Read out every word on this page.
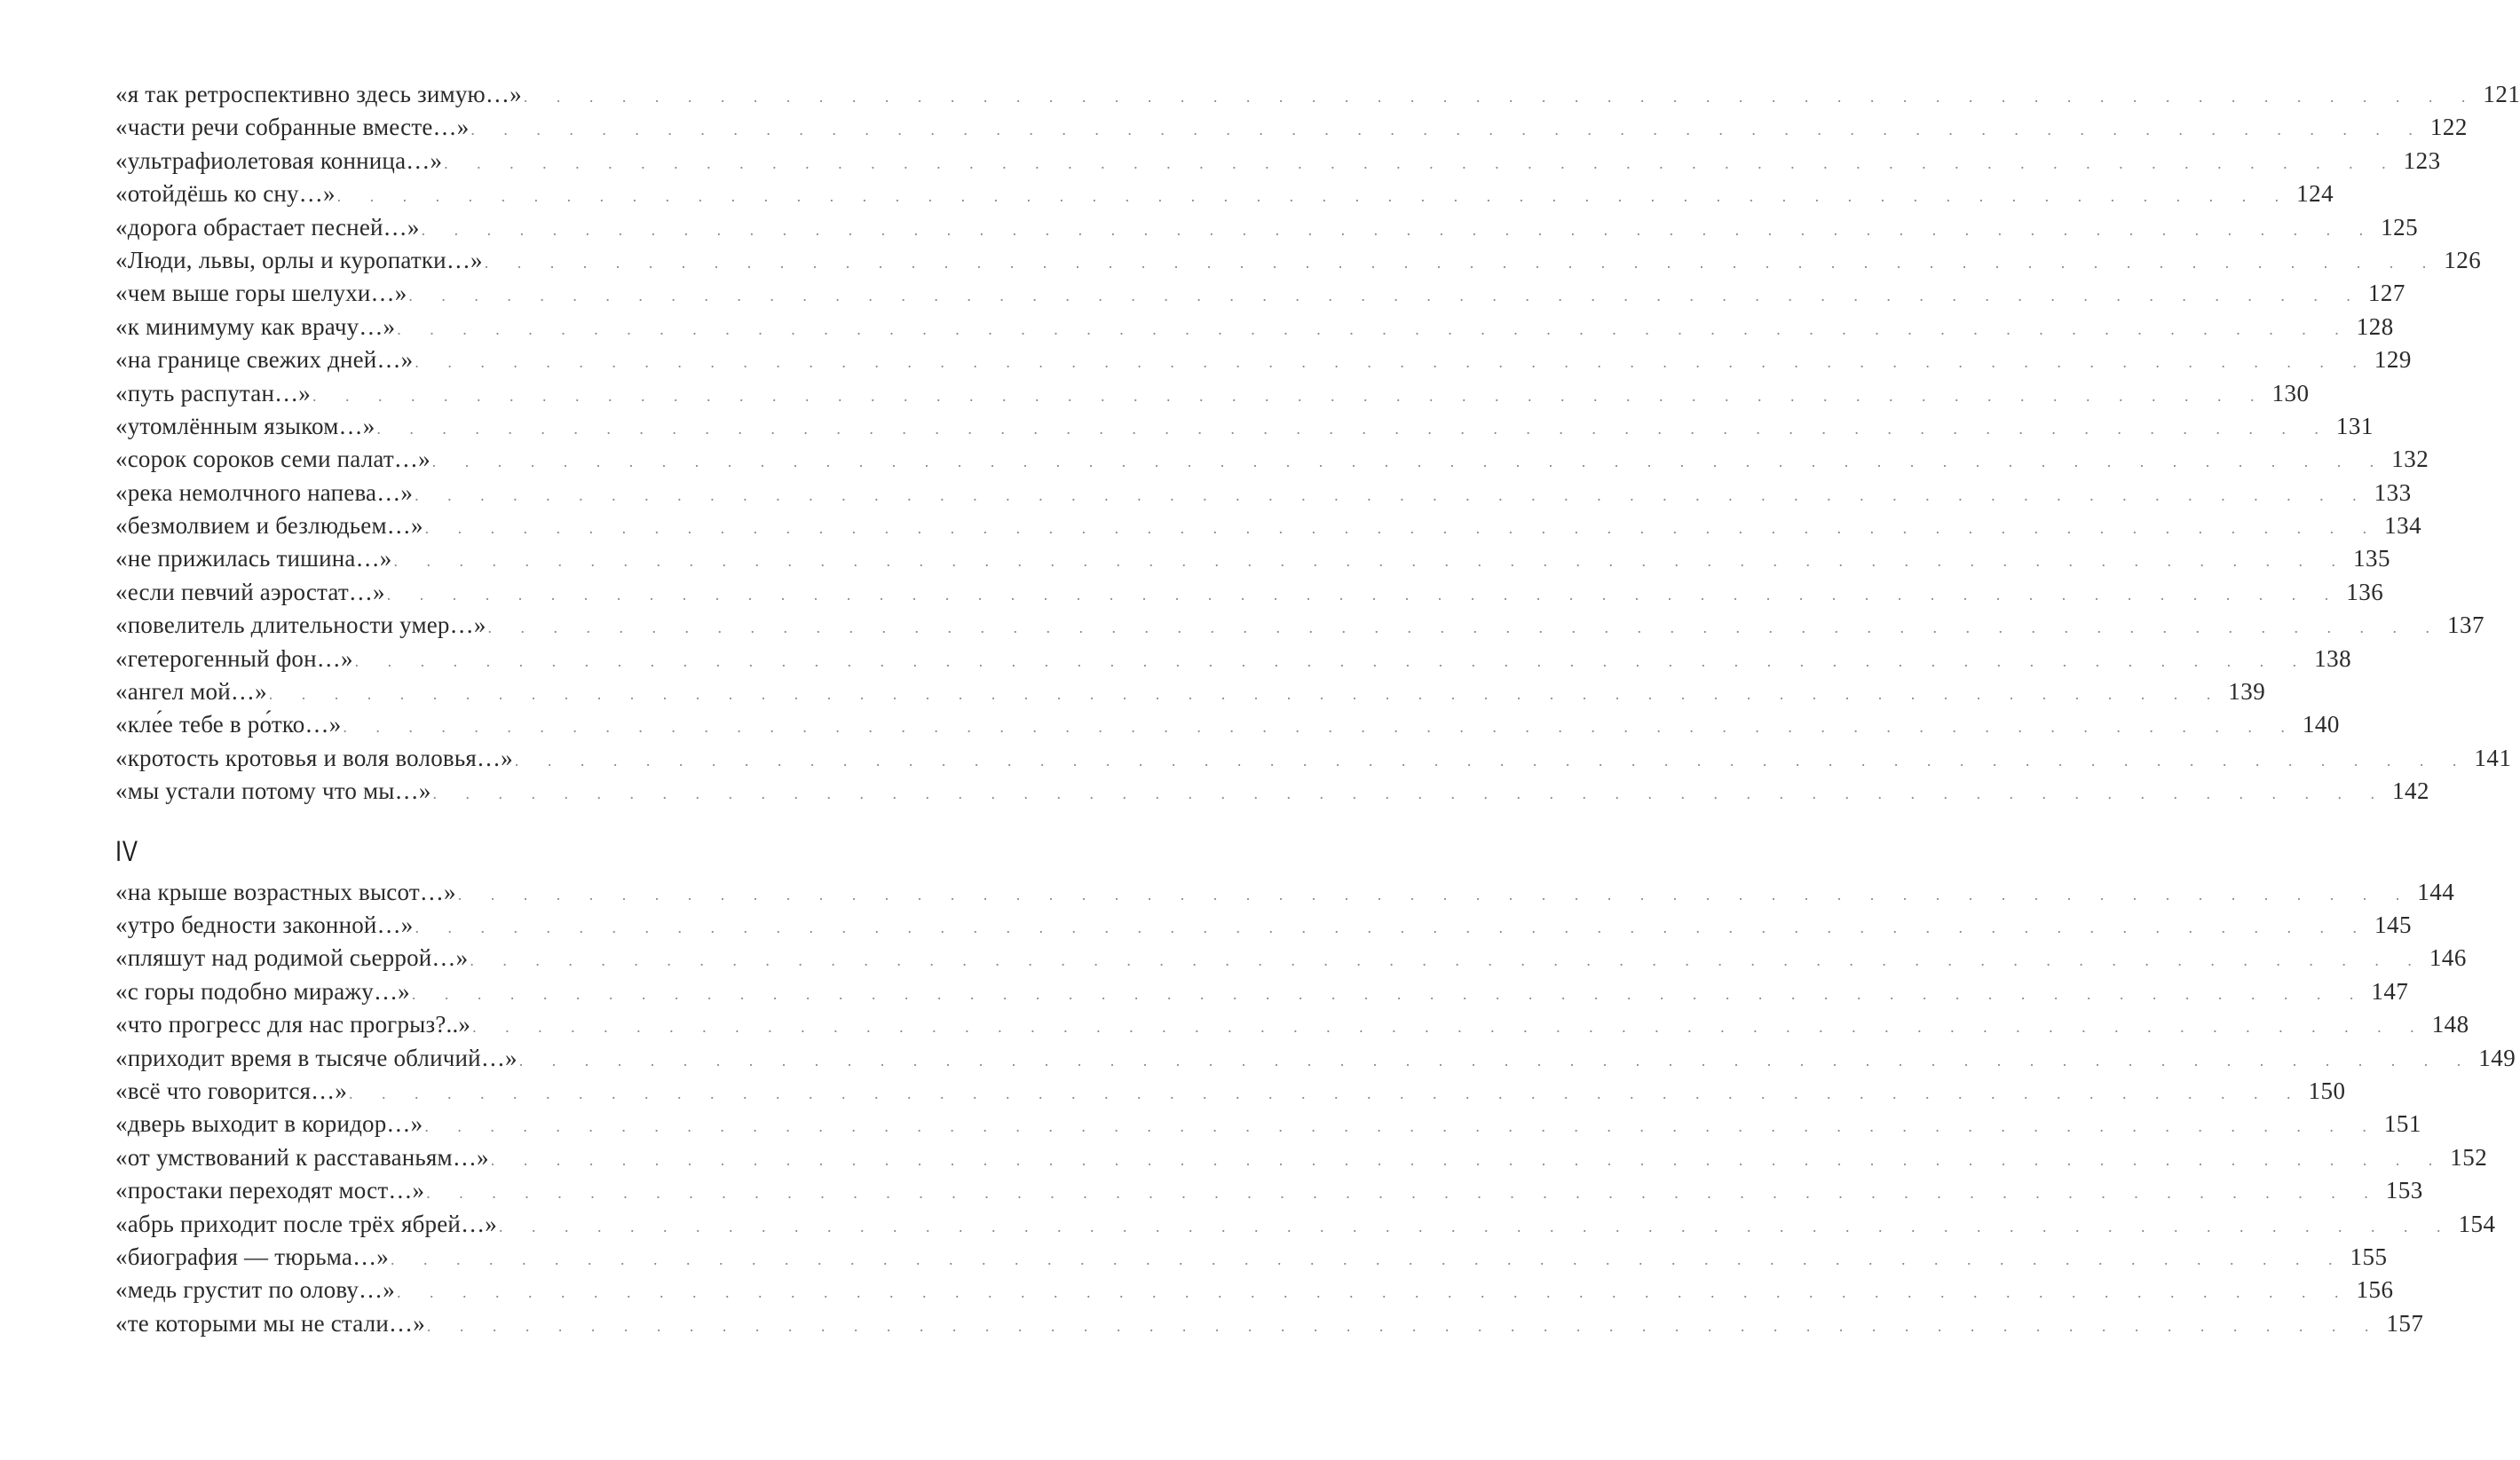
«я так ретроспективно здесь зимую…» . . . . . . . . . . . . . . . . . . . . . . . . . . . . . . . . . . . . . . . . . . . . . . . . . . . . . . . . . . . . 121
«части речи собранные вместе…» . . . . . . . . . . . . . . . . . . . . . . . . . . . . . . . . . . . . . . . . . . . . . . . . . . . . . . . . . . . . 122
«ультрафиолетовая конница…» . . . . . . . . . . . . . . . . . . . . . . . . . . . . . . . . . . . . . . . . . . . . . . . . . . . . . . . . . . . . 123
«отойдёшь ко сну…» . . . . . . . . . . . . . . . . . . . . . . . . . . . . . . . . . . . . . . . . . . . . . . . . . . . . . . . . . . . . 124
«дорога обрастает песней…» . . . . . . . . . . . . . . . . . . . . . . . . . . . . . . . . . . . . . . . . . . . . . . . . . . . . . . . . . . . . 125
«Люди, львы, орлы и куропатки…» . . . . . . . . . . . . . . . . . . . . . . . . . . . . . . . . . . . . . . . . . . . . . . . . . . . . . . . . . . . . 126
«чем выше горы шелухи…» . . . . . . . . . . . . . . . . . . . . . . . . . . . . . . . . . . . . . . . . . . . . . . . . . . . . . . . . . . . . 127
«к минимуму как врачу…» . . . . . . . . . . . . . . . . . . . . . . . . . . . . . . . . . . . . . . . . . . . . . . . . . . . . . . . . . . . . 128
«на границе свежих дней…» . . . . . . . . . . . . . . . . . . . . . . . . . . . . . . . . . . . . . . . . . . . . . . . . . . . . . . . . . . . . 129
«путь распутан…» . . . . . . . . . . . . . . . . . . . . . . . . . . . . . . . . . . . . . . . . . . . . . . . . . . . . . . . . . . . . 130
«утомлённым языком…» . . . . . . . . . . . . . . . . . . . . . . . . . . . . . . . . . . . . . . . . . . . . . . . . . . . . . . . . . . . . 131
«сорок сороков семи палат…» . . . . . . . . . . . . . . . . . . . . . . . . . . . . . . . . . . . . . . . . . . . . . . . . . . . . . . . . . . . . 132
«река немолчного напева…» . . . . . . . . . . . . . . . . . . . . . . . . . . . . . . . . . . . . . . . . . . . . . . . . . . . . . . . . . . . . 133
«безмолвием и безлюдьем…» . . . . . . . . . . . . . . . . . . . . . . . . . . . . . . . . . . . . . . . . . . . . . . . . . . . . . . . . . . . . 134
«не прижилась тишина…» . . . . . . . . . . . . . . . . . . . . . . . . . . . . . . . . . . . . . . . . . . . . . . . . . . . . . . . . . . . . 135
«если певчий аэростат…» . . . . . . . . . . . . . . . . . . . . . . . . . . . . . . . . . . . . . . . . . . . . . . . . . . . . . . . . . . . . 136
«повелитель длительности умер…» . . . . . . . . . . . . . . . . . . . . . . . . . . . . . . . . . . . . . . . . . . . . . . . . . . . . . . . . . . . . 137
«гетерогенный фон…» . . . . . . . . . . . . . . . . . . . . . . . . . . . . . . . . . . . . . . . . . . . . . . . . . . . . . . . . . . . . 138
«ангел мой…» . . . . . . . . . . . . . . . . . . . . . . . . . . . . . . . . . . . . . . . . . . . . . . . . . . . . . . . . . . . . 139
«кле́е тебе в ро́тко…» . . . . . . . . . . . . . . . . . . . . . . . . . . . . . . . . . . . . . . . . . . . . . . . . . . . . . . . . . . . . 140
«кротость кротовья и воля воловья…» . . . . . . . . . . . . . . . . . . . . . . . . . . . . . . . . . . . . . . . . . . . . . . . . . . . . . . . . . . . . 141
«мы устали потому что мы…» . . . . . . . . . . . . . . . . . . . . . . . . . . . . . . . . . . . . . . . . . . . . . . . . . . . . . . . . . . . . 142
IV
«на крыше возрастных высот…» . . . . . . . . . . . . . . . . . . . . . . . . . . . . . . . . . . . . . . . . . . . . . . . . . . . . . . . . . . . . 144
«утро бедности законной…» . . . . . . . . . . . . . . . . . . . . . . . . . . . . . . . . . . . . . . . . . . . . . . . . . . . . . . . . . . . . 145
«пляшут над родимой сьеррой…» . . . . . . . . . . . . . . . . . . . . . . . . . . . . . . . . . . . . . . . . . . . . . . . . . . . . . . . . . . . . 146
«с горы подобно миражу…» . . . . . . . . . . . . . . . . . . . . . . . . . . . . . . . . . . . . . . . . . . . . . . . . . . . . . . . . . . . . 147
«что прогресс для нас прогрыз?..» . . . . . . . . . . . . . . . . . . . . . . . . . . . . . . . . . . . . . . . . . . . . . . . . . . . . . . . . . . . . 148
«приходит время в тысяче обличий…» . . . . . . . . . . . . . . . . . . . . . . . . . . . . . . . . . . . . . . . . . . . . . . . . . . . . . . . . . . . . 149
«всё что говорится…» . . . . . . . . . . . . . . . . . . . . . . . . . . . . . . . . . . . . . . . . . . . . . . . . . . . . . . . . . . . . 150
«дверь выходит в коридор…» . . . . . . . . . . . . . . . . . . . . . . . . . . . . . . . . . . . . . . . . . . . . . . . . . . . . . . . . . . . . 151
«от умствований к расставаньям…» . . . . . . . . . . . . . . . . . . . . . . . . . . . . . . . . . . . . . . . . . . . . . . . . . . . . . . . . . . . . 152
«простаки переходят мост…» . . . . . . . . . . . . . . . . . . . . . . . . . . . . . . . . . . . . . . . . . . . . . . . . . . . . . . . . . . . . 153
«абрь приходит после трёх ябрей…» . . . . . . . . . . . . . . . . . . . . . . . . . . . . . . . . . . . . . . . . . . . . . . . . . . . . . . . . . . . . 154
«биография — тюрьма…» . . . . . . . . . . . . . . . . . . . . . . . . . . . . . . . . . . . . . . . . . . . . . . . . . . . . . . . . . . . . 155
«медь грустит по олову…» . . . . . . . . . . . . . . . . . . . . . . . . . . . . . . . . . . . . . . . . . . . . . . . . . . . . . . . . . . . . 156
«те которыми мы не стали…» . . . . . . . . . . . . . . . . . . . . . . . . . . . . . . . . . . . . . . . . . . . . . . . . . . . . . . . . . . . . 157
